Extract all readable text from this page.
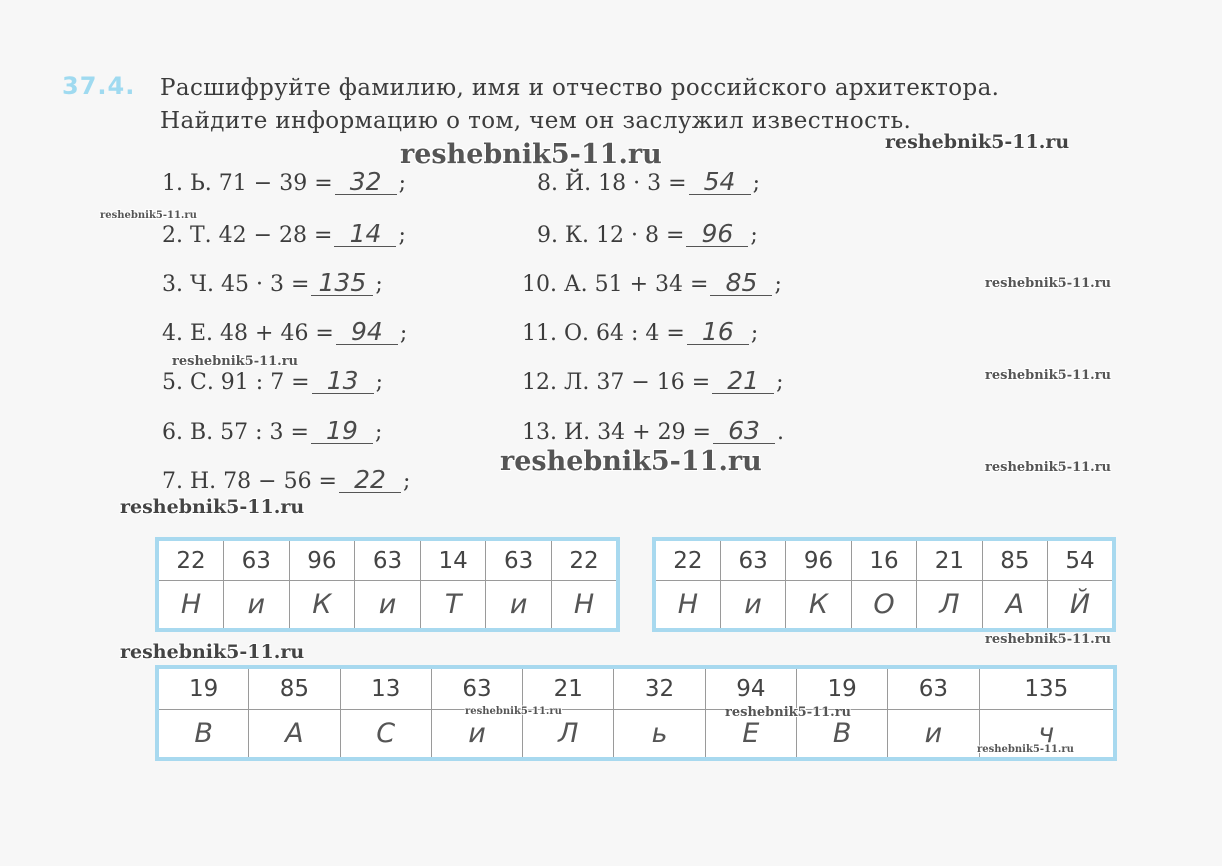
37.4. Расшифруйте фамилию, имя и отчество российского архитектора.
Найдите информацию о том, чем он заслужил известность.
1. Ь. 71 − 39 = 32 ;
2. Т. 42 − 28 = 14 ;
3. Ч. 45 · 3 = 135 ;
4. Е. 48 + 46 = 94 ;
5. С. 91 : 7 = 13 ;
6. В. 57 : 3 = 19 ;
7. Н. 78 − 56 = 22 ;
8. Й. 18 · 3 = 54 ;
9. К. 12 · 8 = 96 ;
10. А. 51 + 34 = 85 ;
11. О. 64 : 4 = 16 ;
12. Л. 37 − 16 = 21 ;
13. И. 34 + 29 = 63 .
22	63	96	63	14	63	22
Н	и	К	и	Т	и	Н
22	63	96	16	21	85	54
Н	и	К	О	Л	А	Й
19	85	13	63	21	32	94	19	63	135
В	А	С	и	Л	ь	Е	В	и	ч
reshebnik5-11.ru	reshebnik5-11.ru
reshebnik5-11.ru
reshebnik5-11.ru
reshebnik5-11.ru
reshebnik5-11.ru
reshebnik5-11.ru	reshebnik5-11.ru
reshebnik5-11.ru
reshebnik5-11.ru
reshebnik5-11.ru
reshebnik5-11.ru	reshebnik5-11.ru
reshebnik5-11.ru
